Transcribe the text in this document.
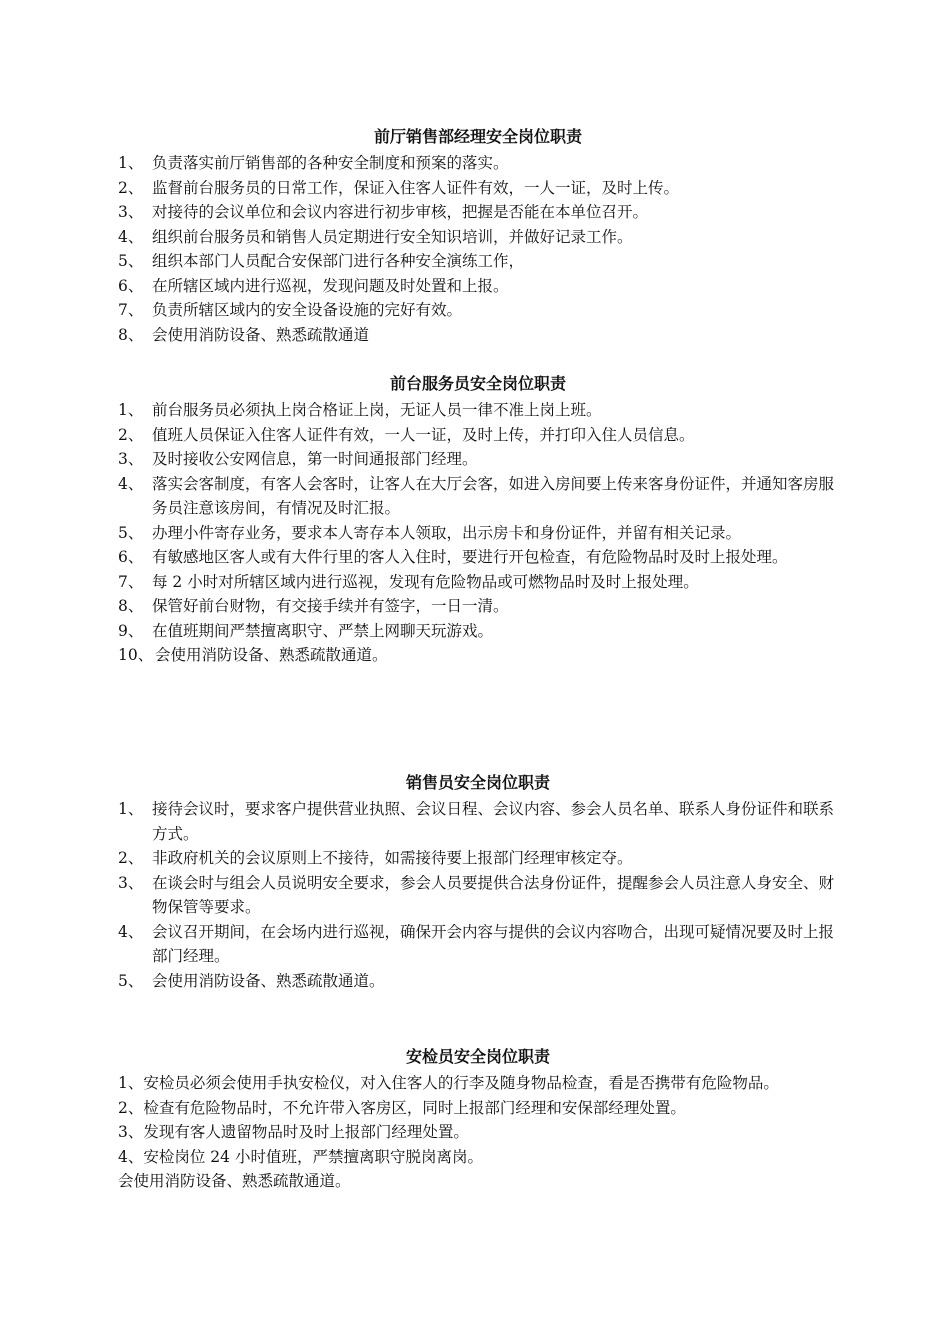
前厅销售部经理安全岗位职责
1、 负责落实前厅销售部的各种安全制度和预案的落实。
2、 监督前台服务员的日常工作，保证入住客人证件有效，一人一证，及时上传。
3、 对接待的会议单位和会议内容进行初步审核，把握是否能在本单位召开。
4、 组织前台服务员和销售人员定期进行安全知识培训，并做好记录工作。
5、 组织本部门人员配合安保部门进行各种安全演练工作，
6、 在所辖区域内进行巡视，发现问题及时处置和上报。
7、 负责所辖区域内的安全设备设施的完好有效。
8、 会使用消防设备、熟悉疏散通道
前台服务员安全岗位职责
1、 前台服务员必须执上岗合格证上岗，无证人员一律不准上岗上班。
2、 值班人员保证入住客人证件有效，一人一证，及时上传，并打印入住人员信息。
3、 及时接收公安网信息，第一时间通报部门经理。
4、 落实会客制度，有客人会客时，让客人在大厅会客，如进入房间要上传来客身份证件，并通知客房服务员注意该房间，有情况及时汇报。
5、 办理小件寄存业务，要求本人寄存本人领取，出示房卡和身份证件，并留有相关记录。
6、 有敏感地区客人或有大件行里的客人入住时，要进行开包检查，有危险物品时及时上报处理。
7、 每 2 小时对所辖区域内进行巡视，发现有危险物品或可燃物品时及时上报处理。
8、 保管好前台财物，有交接手续并有签字，一日一清。
9、 在值班期间严禁擅离职守、严禁上网聊天玩游戏。
10、 会使用消防设备、熟悉疏散通道。
销售员安全岗位职责
1、 接待会议时，要求客户提供营业执照、会议日程、会议内容、参会人员名单、联系人身份证件和联系方式。
2、 非政府机关的会议原则上不接待，如需接待要上报部门经理审核定夺。
3、 在谈会时与组会人员说明安全要求，参会人员要提供合法身份证件，提醒参会人员注意人身安全、财物保管等要求。
4、 会议召开期间，在会场内进行巡视，确保开会内容与提供的会议内容吻合，出现可疑情况要及时上报部门经理。
5、 会使用消防设备、熟悉疏散通道。
安检员安全岗位职责
1、安检员必须会使用手执安检仪，对入住客人的行李及随身物品检查，看是否携带有危险物品。
2、检查有危险物品时，不允许带入客房区，同时上报部门经理和安保部经理处置。
3、发现有客人遗留物品时及时上报部门经理处置。
4、安检岗位 24 小时值班，严禁擅离职守脱岗离岗。
会使用消防设备、熟悉疏散通道。
